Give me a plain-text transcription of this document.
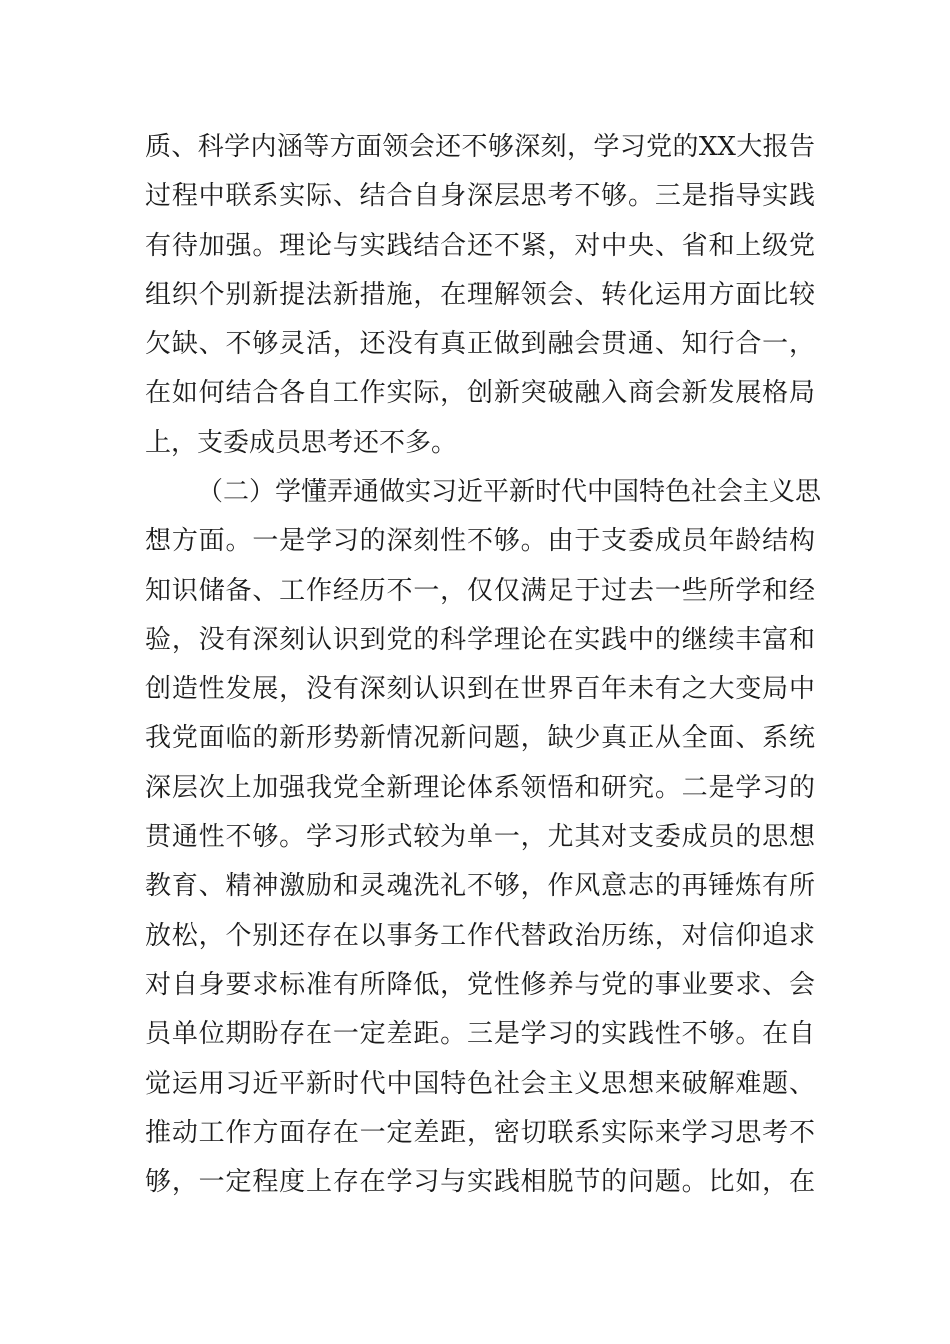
质、科学内涵等方面领会还不够深刻，学习党的XX大报告
过程中联系实际、结合自身深层思考不够。三是指导实践
有待加强。理论与实践结合还不紧，对中央、省和上级党
组织个别新提法新措施，在理解领会、转化运用方面比较
欠缺、不够灵活，还没有真正做到融会贯通、知行合一，
在如何结合各自工作实际，创新突破融入商会新发展格局
上，支委成员思考还不多。
（二）学懂弄通做实习近平新时代中国特色社会主义思
想方面。一是学习的深刻性不够。由于支委成员年龄结构
知识储备、工作经历不一，仅仅满足于过去一些所学和经
验，没有深刻认识到党的科学理论在实践中的继续丰富和
创造性发展，没有深刻认识到在世界百年未有之大变局中
我党面临的新形势新情况新问题，缺少真正从全面、系统
深层次上加强我党全新理论体系领悟和研究。二是学习的
贯通性不够。学习形式较为单一，尤其对支委成员的思想
教育、精神激励和灵魂洗礼不够，作风意志的再锤炼有所
放松，个别还存在以事务工作代替政治历练，对信仰追求
对自身要求标准有所降低，党性修养与党的事业要求、会
员单位期盼存在一定差距。三是学习的实践性不够。在自
觉运用习近平新时代中国特色社会主义思想来破解难题、
推动工作方面存在一定差距，密切联系实际来学习思考不
够，一定程度上存在学习与实践相脱节的问题。比如，在
